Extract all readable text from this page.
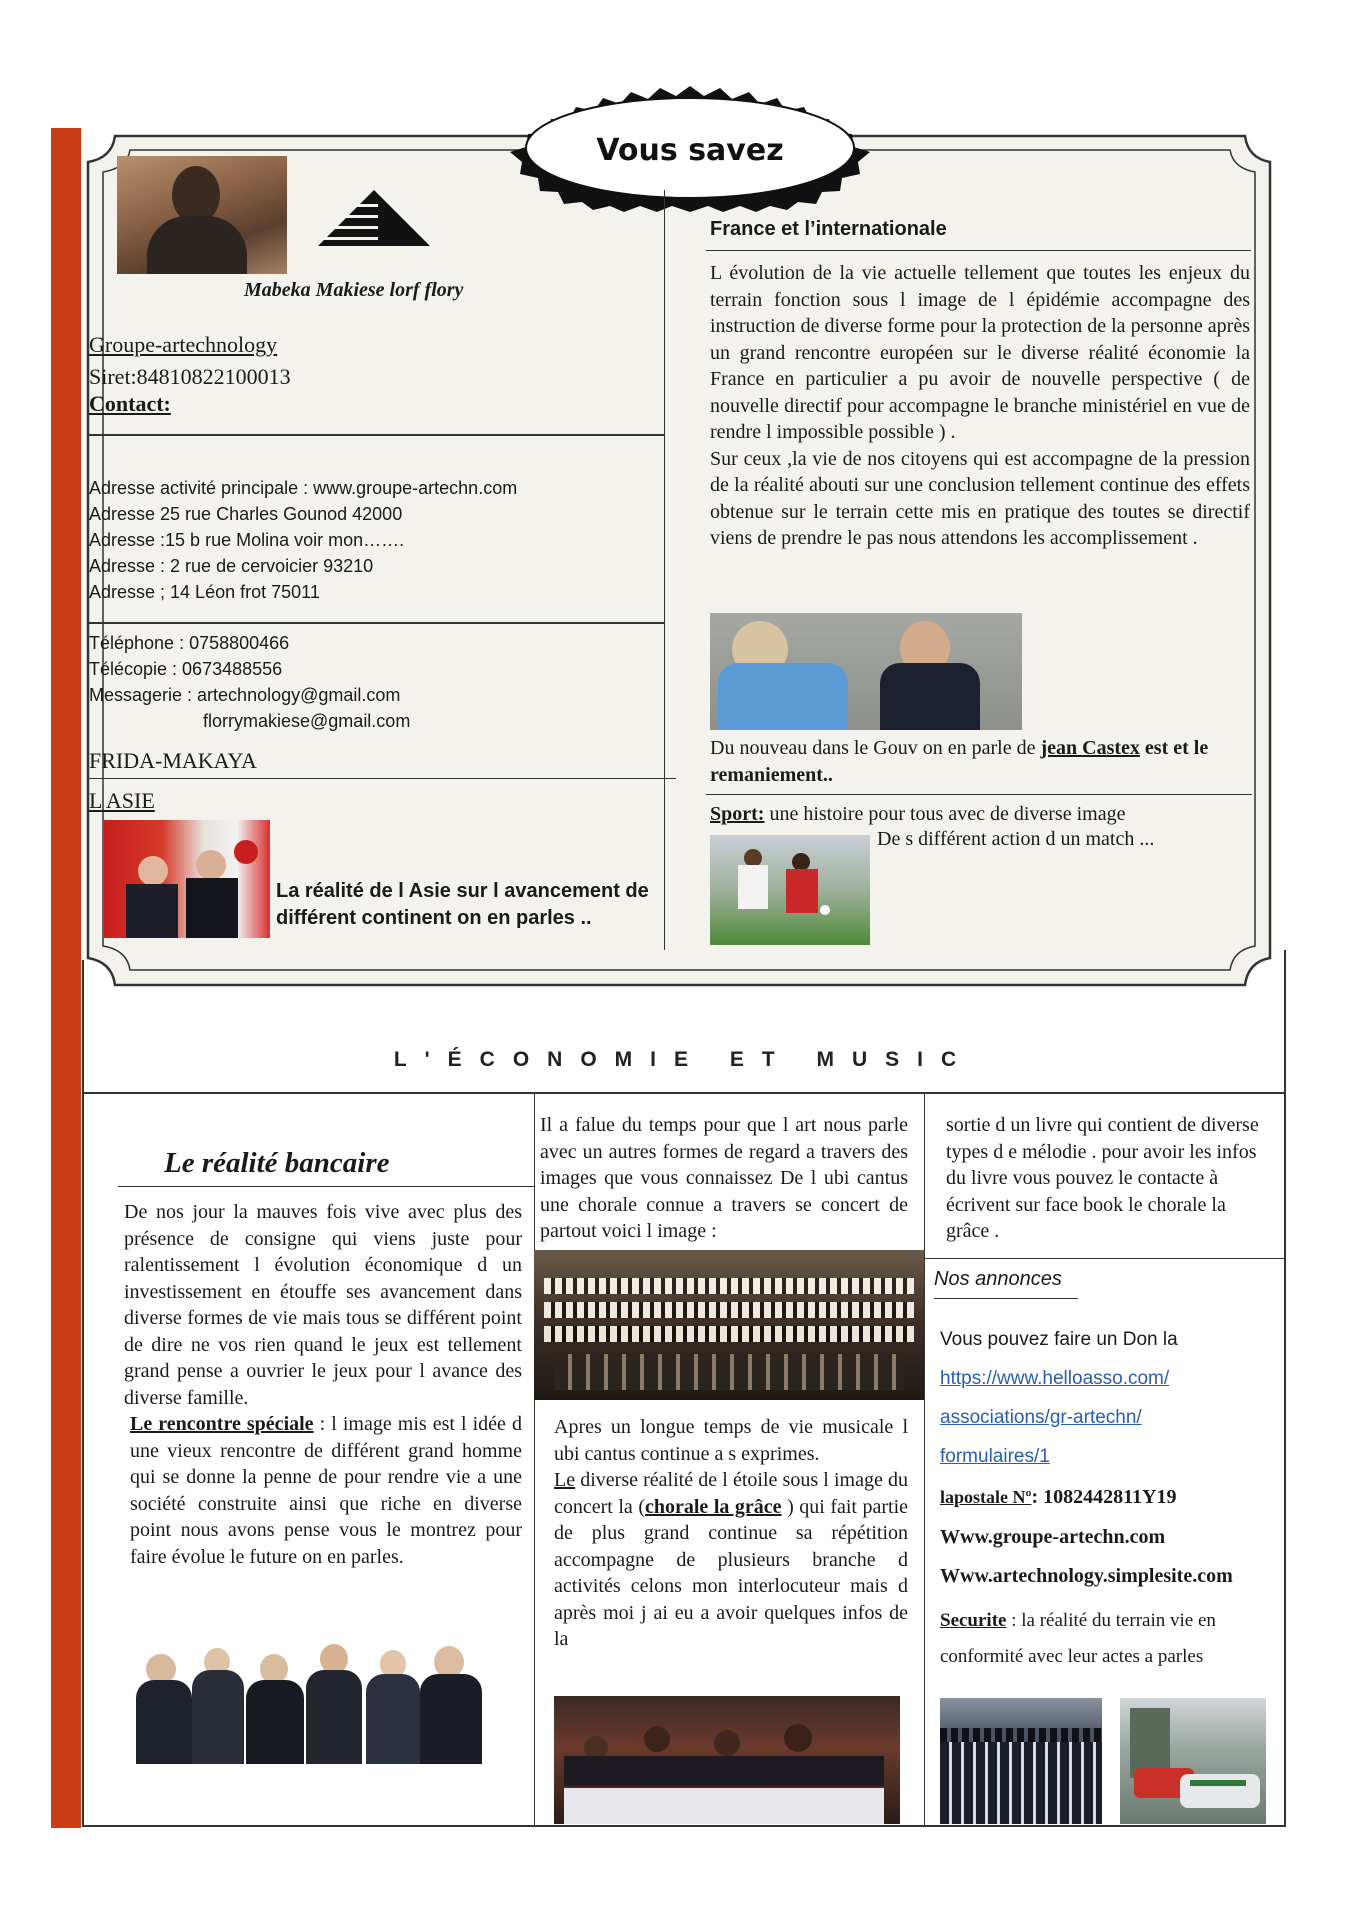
Vous savez
Mabeka Makiese lorf flory
Groupe-artechnology
Siret:84810822100013
Contact:
Adresse activité principale : www.groupe-artechn.com
Adresse 25 rue Charles Gounod 42000
Adresse :15 b rue Molina voir mon…….
Adresse : 2 rue de cervoicier 93210
Adresse ; 14 Léon frot 75011
Téléphone : 0758800466
Télécopie : 0673488556
Messagerie : artechnology@gmail.com
florrymakiese@gmail.com
FRIDA-MAKAYA
L ASIE
La réalité de l Asie sur l avancement de différent continent on en parles ..
France et l’internationale
L évolution de la vie actuelle tellement que toutes les enjeux du terrain fonction sous l image de l épidémie accompagne des instruction de diverse forme pour la protection de la personne après un grand rencontre européen sur le diverse réalité économie la France en particulier a pu avoir de nouvelle perspective ( de nouvelle directif pour accompagne le branche ministériel en vue de rendre l impossible possible ) .
Sur ceux ,la vie de nos citoyens qui est accompagne de la pression de la réalité abouti sur une conclusion tellement continue des effets obtenue sur le terrain cette mis en pratique des toutes se directif viens de prendre le pas nous attendons les accomplissement .
Du nouveau dans le Gouv on en parle de jean Castex est et le remaniement..
Sport: une histoire pour tous avec de diverse image
De s différent action d un match ...
L'ÉCONOMIE ET MUSIC
Le réalité bancaire
De nos jour la mauves fois vive avec plus des présence de consigne qui viens juste pour ralentissement l évolution économique d un investissement en étouffe ses avancement dans diverse formes de vie mais tous se différent point de dire ne vos rien quand le jeux est tellement grand pense a ouvrier le jeux pour l avance des diverse famille.
Le rencontre spéciale : l image mis est l idée d une vieux rencontre de différent grand homme qui se donne la penne de pour rendre vie a une société construite ainsi que riche en diverse point nous avons pense vous le montrez pour faire évolue le future on en parles.
Il a falue du temps pour que l art nous parle avec un autres formes de regard a travers des images que vous connaissez De l ubi cantus une chorale connue a travers se concert de partout voici l image :
Apres un longue temps de vie musicale l ubi cantus continue a s exprimes.
Le diverse réalité de l étoile sous l image du concert la (chorale la grâce ) qui fait partie de plus grand continue sa répétition accompagne de plusieurs branche d activités celons mon interlocuteur mais d après moi j ai eu a avoir quelques infos de la
sortie d un livre qui contient de diverse types d e mélodie . pour avoir les infos du livre vous pouvez le contacte à écrivent sur face book le chorale la grâce .
Nos annonces
Vous pouvez faire un Don la
https://www.helloasso.com/
associations/gr-artechn/
formulaires/1
lapostale Nº: 1082442811Y19
Www.groupe-artechn.com
Www.artechnology.simplesite.com
Securite : la réalité du terrain vie en conformité avec leur actes a parles
